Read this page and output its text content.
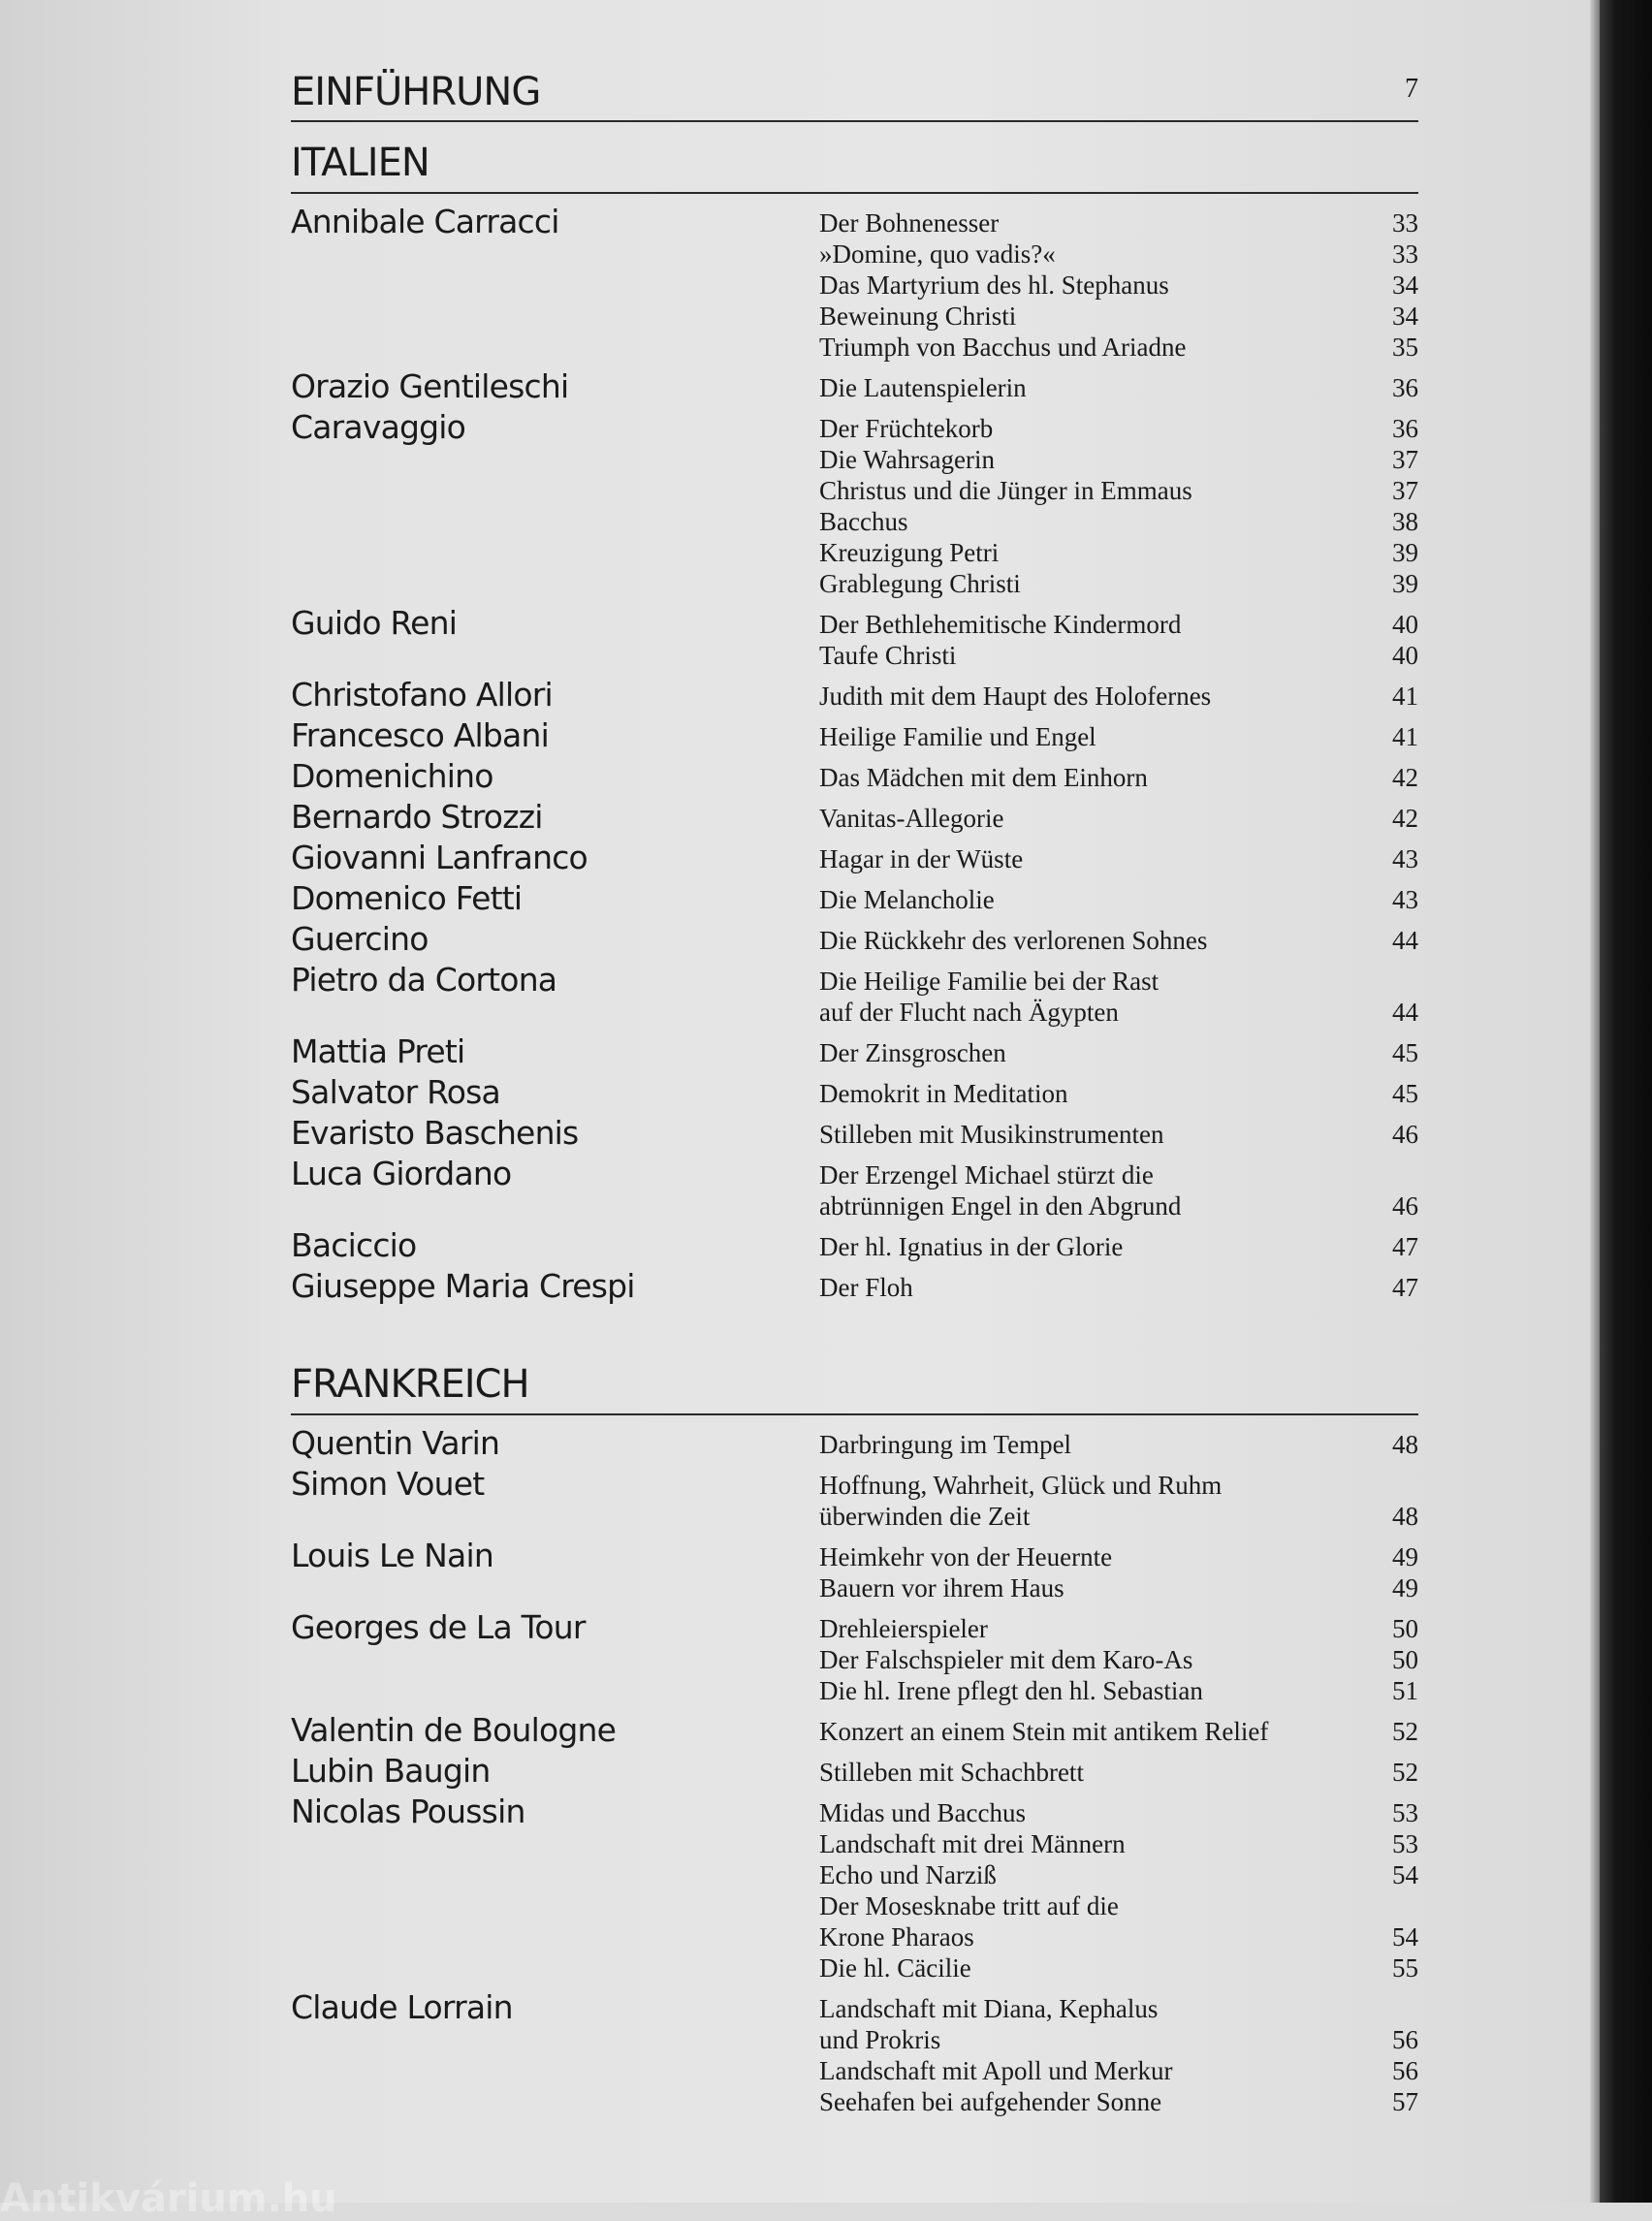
EINFÜHRUNG	7
ITALIEN
Annibale Carracci	Der Bohnenesser	33
»Domine, quo vadis?«	33
Das Martyrium des hl. Stephanus	34
Beweinung Christi	34
Triumph von Bacchus und Ariadne	35
Orazio Gentileschi	Die Lautenspielerin	36
Caravaggio	Der Früchtekorb	36
Die Wahrsagerin	37
Christus und die Jünger in Emmaus	37
Bacchus	38
Kreuzigung Petri	39
Grablegung Christi	39
Guido Reni	Der Bethlehemitische Kindermord	40
Taufe Christi	40
Christofano Allori	Judith mit dem Haupt des Holofernes	41
Francesco Albani	Heilige Familie und Engel	41
Domenichino	Das Mädchen mit dem Einhorn	42
Bernardo Strozzi	Vanitas-Allegorie	42
Giovanni Lanfranco	Hagar in der Wüste	43
Domenico Fetti	Die Melancholie	43
Guercino	Die Rückkehr des verlorenen Sohnes	44
Pietro da Cortona	Die Heilige Familie bei der Rast
auf der Flucht nach Ägypten	44
Mattia Preti	Der Zinsgroschen	45
Salvator Rosa	Demokrit in Meditation	45
Evaristo Baschenis	Stilleben mit Musikinstrumenten	46
Luca Giordano	Der Erzengel Michael stürzt die
abtrünnigen Engel in den Abgrund	46
Baciccio	Der hl. Ignatius in der Glorie	47
Giuseppe Maria Crespi	Der Floh	47
FRANKREICH
Quentin Varin	Darbringung im Tempel	48
Simon Vouet	Hoffnung, Wahrheit, Glück und Ruhm
überwinden die Zeit	48
Louis Le Nain	Heimkehr von der Heuernte	49
Bauern vor ihrem Haus	49
Georges de La Tour	Drehleierspieler	50
Der Falschspieler mit dem Karo-As	50
Die hl. Irene pflegt den hl. Sebastian	51
Valentin de Boulogne	Konzert an einem Stein mit antikem Relief	52
Lubin Baugin	Stilleben mit Schachbrett	52
Nicolas Poussin	Midas und Bacchus	53
Landschaft mit drei Männern	53
Echo und Narziß	54
Der Mosesknabe tritt auf die
Krone Pharaos	54
Die hl. Cäcilie	55
Claude Lorrain	Landschaft mit Diana, Kephalus
und Prokris	56
Landschaft mit Apoll und Merkur	56
Seehafen bei aufgehender Sonne	57
Antikvárium.hu
